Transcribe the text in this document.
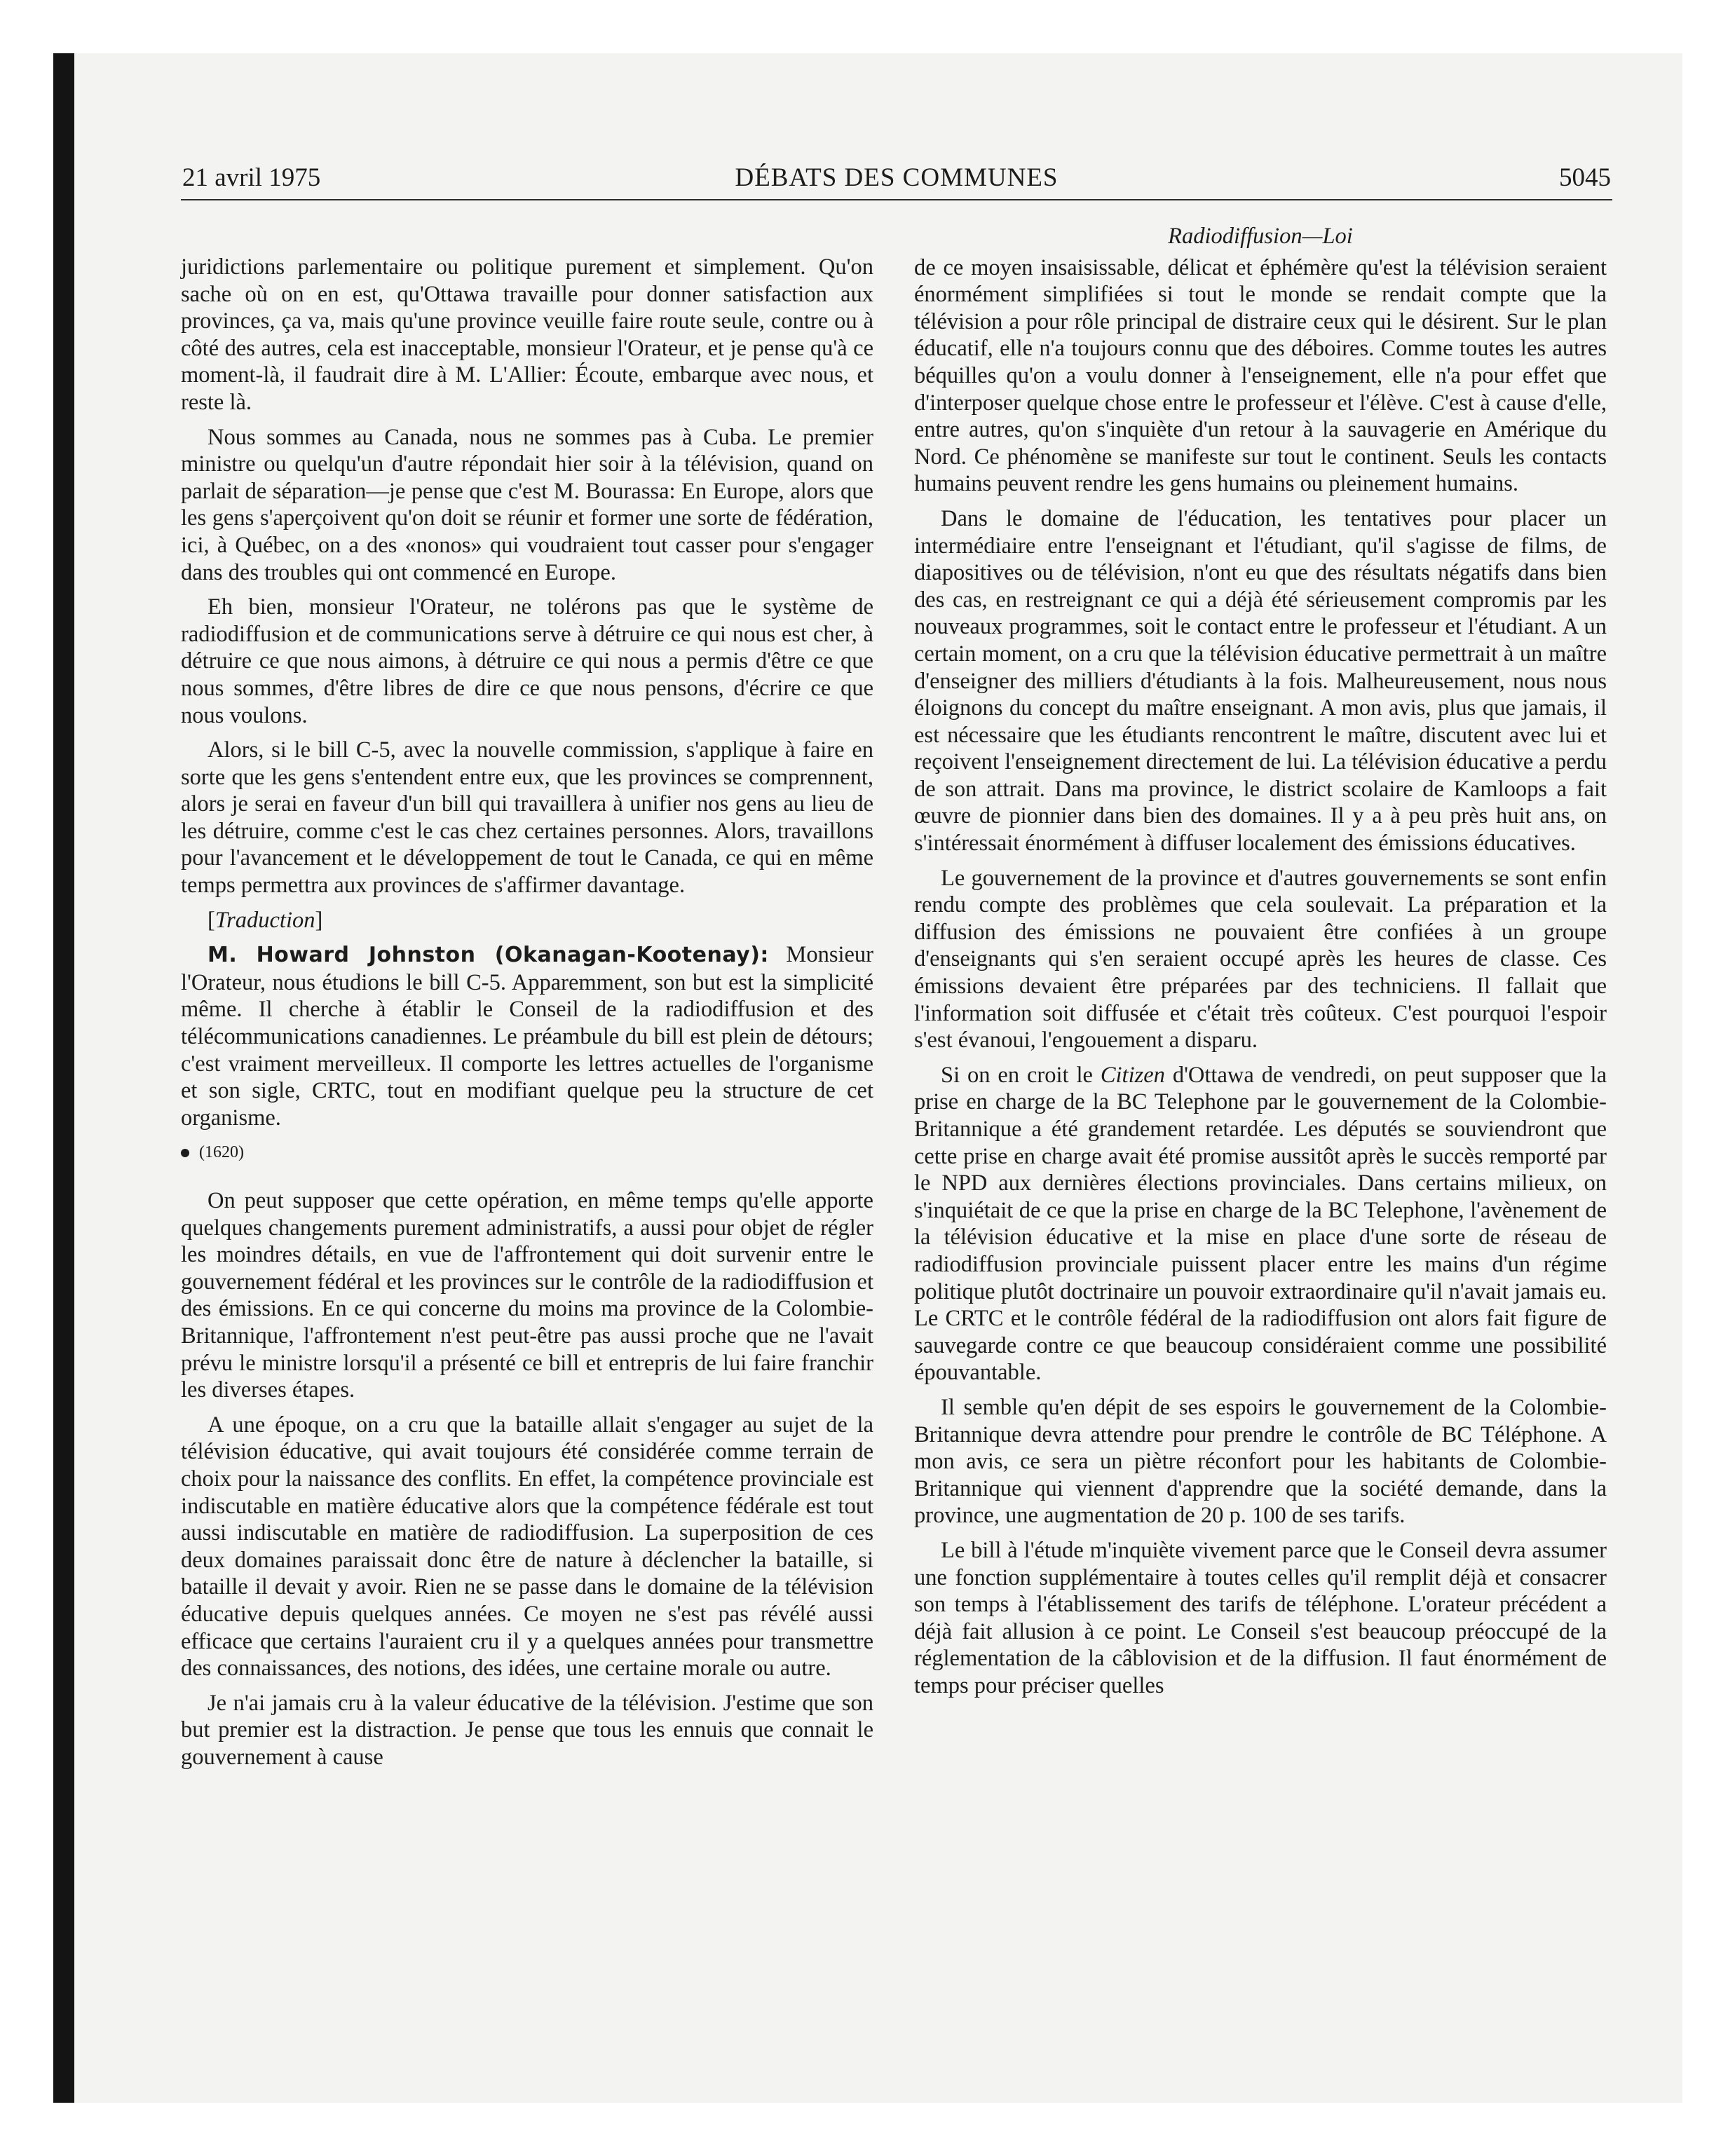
21 avril 1975	DÉBATS DES COMMUNES	5045

juridictions parlementaire ou politique purement et simplement. Qu'on sache où on en est, qu'Ottawa travaille pour donner satisfaction aux provinces, ça va, mais qu'une province veuille faire route seule, contre ou à côté des autres, cela est inacceptable, monsieur l'Orateur, et je pense qu'à ce moment-là, il faudrait dire à M. L'Allier: Écoute, embarque avec nous, et reste là.

Nous sommes au Canada, nous ne sommes pas à Cuba. Le premier ministre ou quelqu'un d'autre répondait hier soir à la télévision, quand on parlait de séparation—je pense que c'est M. Bourassa: En Europe, alors que les gens s'aperçoivent qu'on doit se réunir et former une sorte de fédération, ici, à Québec, on a des «nonos» qui voudraient tout casser pour s'engager dans des troubles qui ont commencé en Europe.

Eh bien, monsieur l'Orateur, ne tolérons pas que le système de radiodiffusion et de communications serve à détruire ce qui nous est cher, à détruire ce que nous aimons, à détruire ce qui nous a permis d'être ce que nous sommes, d'être libres de dire ce que nous pensons, d'écrire ce que nous voulons.

Alors, si le bill C-5, avec la nouvelle commission, s'applique à faire en sorte que les gens s'entendent entre eux, que les provinces se comprennent, alors je serai en faveur d'un bill qui travaillera à unifier nos gens au lieu de les détruire, comme c'est le cas chez certaines personnes. Alors, travaillons pour l'avancement et le développement de tout le Canada, ce qui en même temps permettra aux provinces de s'affirmer davantage.

[Traduction]

M. Howard Johnston (Okanagan-Kootenay): Monsieur l'Orateur, nous étudions le bill C-5. Apparemment, son but est la simplicité même. Il cherche à établir le Conseil de la radiodiffusion et des télécommunications canadiennes. Le préambule du bill est plein de détours; c'est vraiment merveilleux. Il comporte les lettres actuelles de l'organisme et son sigle, CRTC, tout en modifiant quelque peu la structure de cet organisme.

(1620)

On peut supposer que cette opération, en même temps qu'elle apporte quelques changements purement administratifs, a aussi pour objet de régler les moindres détails, en vue de l'affrontement qui doit survenir entre le gouvernement fédéral et les provinces sur le contrôle de la radiodiffusion et des émissions. En ce qui concerne du moins ma province de la Colombie-Britannique, l'affrontement n'est peut-être pas aussi proche que ne l'avait prévu le ministre lorsqu'il a présenté ce bill et entrepris de lui faire franchir les diverses étapes.

A une époque, on a cru que la bataille allait s'engager au sujet de la télévision éducative, qui avait toujours été considérée comme terrain de choix pour la naissance des conflits. En effet, la compétence provinciale est indiscutable en matière éducative alors que la compétence fédérale est tout aussi indiscutable en matière de radiodiffusion. La superposition de ces deux domaines paraissait donc être de nature à déclencher la bataille, si bataille il devait y avoir. Rien ne se passe dans le domaine de la télévision éducative depuis quelques années. Ce moyen ne s'est pas révélé aussi efficace que certains l'auraient cru il y a quelques années pour transmettre des connaissances, des notions, des idées, une certaine morale ou autre.

Je n'ai jamais cru à la valeur éducative de la télévision. J'estime que son but premier est la distraction. Je pense que tous les ennuis que connait le gouvernement à cause

Radiodiffusion—Loi

de ce moyen insaisissable, délicat et éphémère qu'est la télévision seraient énormément simplifiées si tout le monde se rendait compte que la télévision a pour rôle principal de distraire ceux qui le désirent. Sur le plan éducatif, elle n'a toujours connu que des déboires. Comme toutes les autres béquilles qu'on a voulu donner à l'enseignement, elle n'a pour effet que d'interposer quelque chose entre le professeur et l'élève. C'est à cause d'elle, entre autres, qu'on s'inquiète d'un retour à la sauvagerie en Amérique du Nord. Ce phénomène se manifeste sur tout le continent. Seuls les contacts humains peuvent rendre les gens humains ou pleinement humains.

Dans le domaine de l'éducation, les tentatives pour placer un intermédiaire entre l'enseignant et l'étudiant, qu'il s'agisse de films, de diapositives ou de télévision, n'ont eu que des résultats négatifs dans bien des cas, en restreignant ce qui a déjà été sérieusement compromis par les nouveaux programmes, soit le contact entre le professeur et l'étudiant. A un certain moment, on a cru que la télévision éducative permettrait à un maître d'enseigner des milliers d'étudiants à la fois. Malheureusement, nous nous éloignons du concept du maître enseignant. A mon avis, plus que jamais, il est nécessaire que les étudiants rencontrent le maître, discutent avec lui et reçoivent l'enseignement directement de lui. La télévision éducative a perdu de son attrait. Dans ma province, le district scolaire de Kamloops a fait œuvre de pionnier dans bien des domaines. Il y a à peu près huit ans, on s'intéressait énormément à diffuser localement des émissions éducatives.

Le gouvernement de la province et d'autres gouvernements se sont enfin rendu compte des problèmes que cela soulevait. La préparation et la diffusion des émissions ne pouvaient être confiées à un groupe d'enseignants qui s'en seraient occupé après les heures de classe. Ces émissions devaient être préparées par des techniciens. Il fallait que l'information soit diffusée et c'était très coûteux. C'est pourquoi l'espoir s'est évanoui, l'engouement a disparu.

Si on en croit le Citizen d'Ottawa de vendredi, on peut supposer que la prise en charge de la BC Telephone par le gouvernement de la Colombie-Britannique a été grandement retardée. Les députés se souviendront que cette prise en charge avait été promise aussitôt après le succès remporté par le NPD aux dernières élections provinciales. Dans certains milieux, on s'inquiétait de ce que la prise en charge de la BC Telephone, l'avènement de la télévision éducative et la mise en place d'une sorte de réseau de radiodiffusion provinciale puissent placer entre les mains d'un régime politique plutôt doctrinaire un pouvoir extraordinaire qu'il n'avait jamais eu. Le CRTC et le contrôle fédéral de la radiodiffusion ont alors fait figure de sauvegarde contre ce que beaucoup considéraient comme une possibilité épouvantable.

Il semble qu'en dépit de ses espoirs le gouvernement de la Colombie-Britannique devra attendre pour prendre le contrôle de BC Téléphone. A mon avis, ce sera un piètre réconfort pour les habitants de Colombie-Britannique qui viennent d'apprendre que la société demande, dans la province, une augmentation de 20 p. 100 de ses tarifs.

Le bill à l'étude m'inquiète vivement parce que le Conseil devra assumer une fonction supplémentaire à toutes celles qu'il remplit déjà et consacrer son temps à l'établissement des tarifs de téléphone. L'orateur précédent a déjà fait allusion à ce point. Le Conseil s'est beaucoup préoccupé de la réglementation de la câblovision et de la diffusion. Il faut énormément de temps pour préciser quelles
